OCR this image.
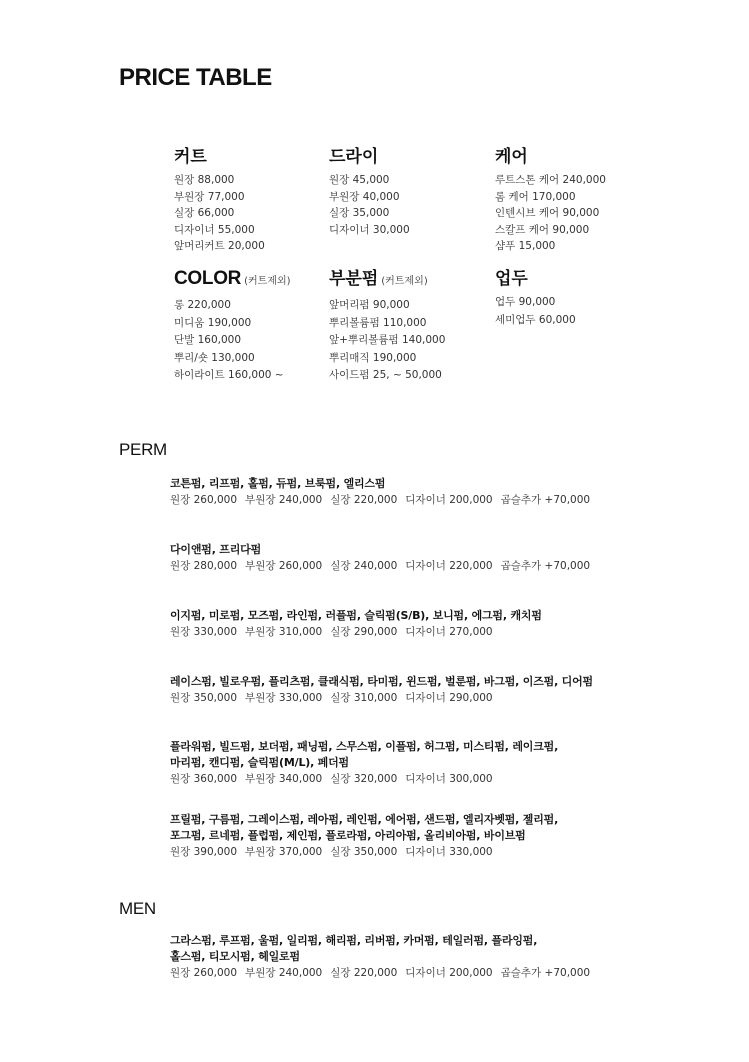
PRICE TABLE
커트
원장 88,000
부원장 77,000
실장 66,000
디자이너 55,000
앞머리커트 20,000
드라이
원장 45,000
부원장 40,000
실장 35,000
디자이너 30,000
케어
루트스톤 케어 240,000
롬 케어 170,000
인텐시브 케어 90,000
스칼프 케어 90,000
샴푸 15,000
COLOR (커트제외)
롱 220,000
미디움 190,000
단발 160,000
뿌리/숏 130,000
하이라이트 160,000 ~
부분펌 (커트제외)
앞머리펌 90,000
뿌리볼륨펌 110,000
앞+뿌리볼륨펌 140,000
뿌리매직 190,000
사이드펌 25, ~ 50,000
업두
업두 90,000
세미업두 60,000
PERM
코튼펌, 리프펌, 홀펌, 듀펌, 브룩펌, 엘리스펌
원장 260,000 부원장 240,000 실장 220,000 디자이너 200,000 곱슬추가 +70,000
다이앤펌, 프리다펌
원장 280,000 부원장 260,000 실장 240,000 디자이너 220,000 곱슬추가 +70,000
이지펌, 미로펌, 모즈펌, 라인펌, 러플펌, 슬릭펌(S/B), 보니펌, 에그펌, 캐치펌
원장 330,000 부원장 310,000 실장 290,000 디자이너 270,000
레이스펌, 빌로우펌, 플리츠펌, 클래식펌, 타미펌, 윈드펌, 벌룬펌, 바그펌, 이즈펌, 디어펌
원장 350,000 부원장 330,000 실장 310,000 디자이너 290,000
플라워펌, 빌드펌, 보더펌, 패닝펌, 스무스펌, 이플펌, 허그펌, 미스티펌, 레이크펌,
마리펌, 캔디펌, 슬릭펌(M/L), 페더펌
원장 360,000 부원장 340,000 실장 320,000 디자이너 300,000
프릴펌, 구름펌, 그레이스펌, 레아펌, 레인펌, 에어펌, 샌드펌, 엘리자벳펌, 젤리펌,
포그펌, 르네펌, 플럽펌, 제인펌, 플로라펌, 아리아펌, 올리비아펌, 바이브펌
원장 390,000 부원장 370,000 실장 350,000 디자이너 330,000
MEN
그라스펌, 루프펌, 울펌, 일리펌, 해리펌, 리버펌, 카머펌, 테일러펌, 플라잉펌,
홀스펌, 티모시펌, 헤일로펌
원장 260,000 부원장 240,000 실장 220,000 디자이너 200,000 곱슬추가 +70,000
